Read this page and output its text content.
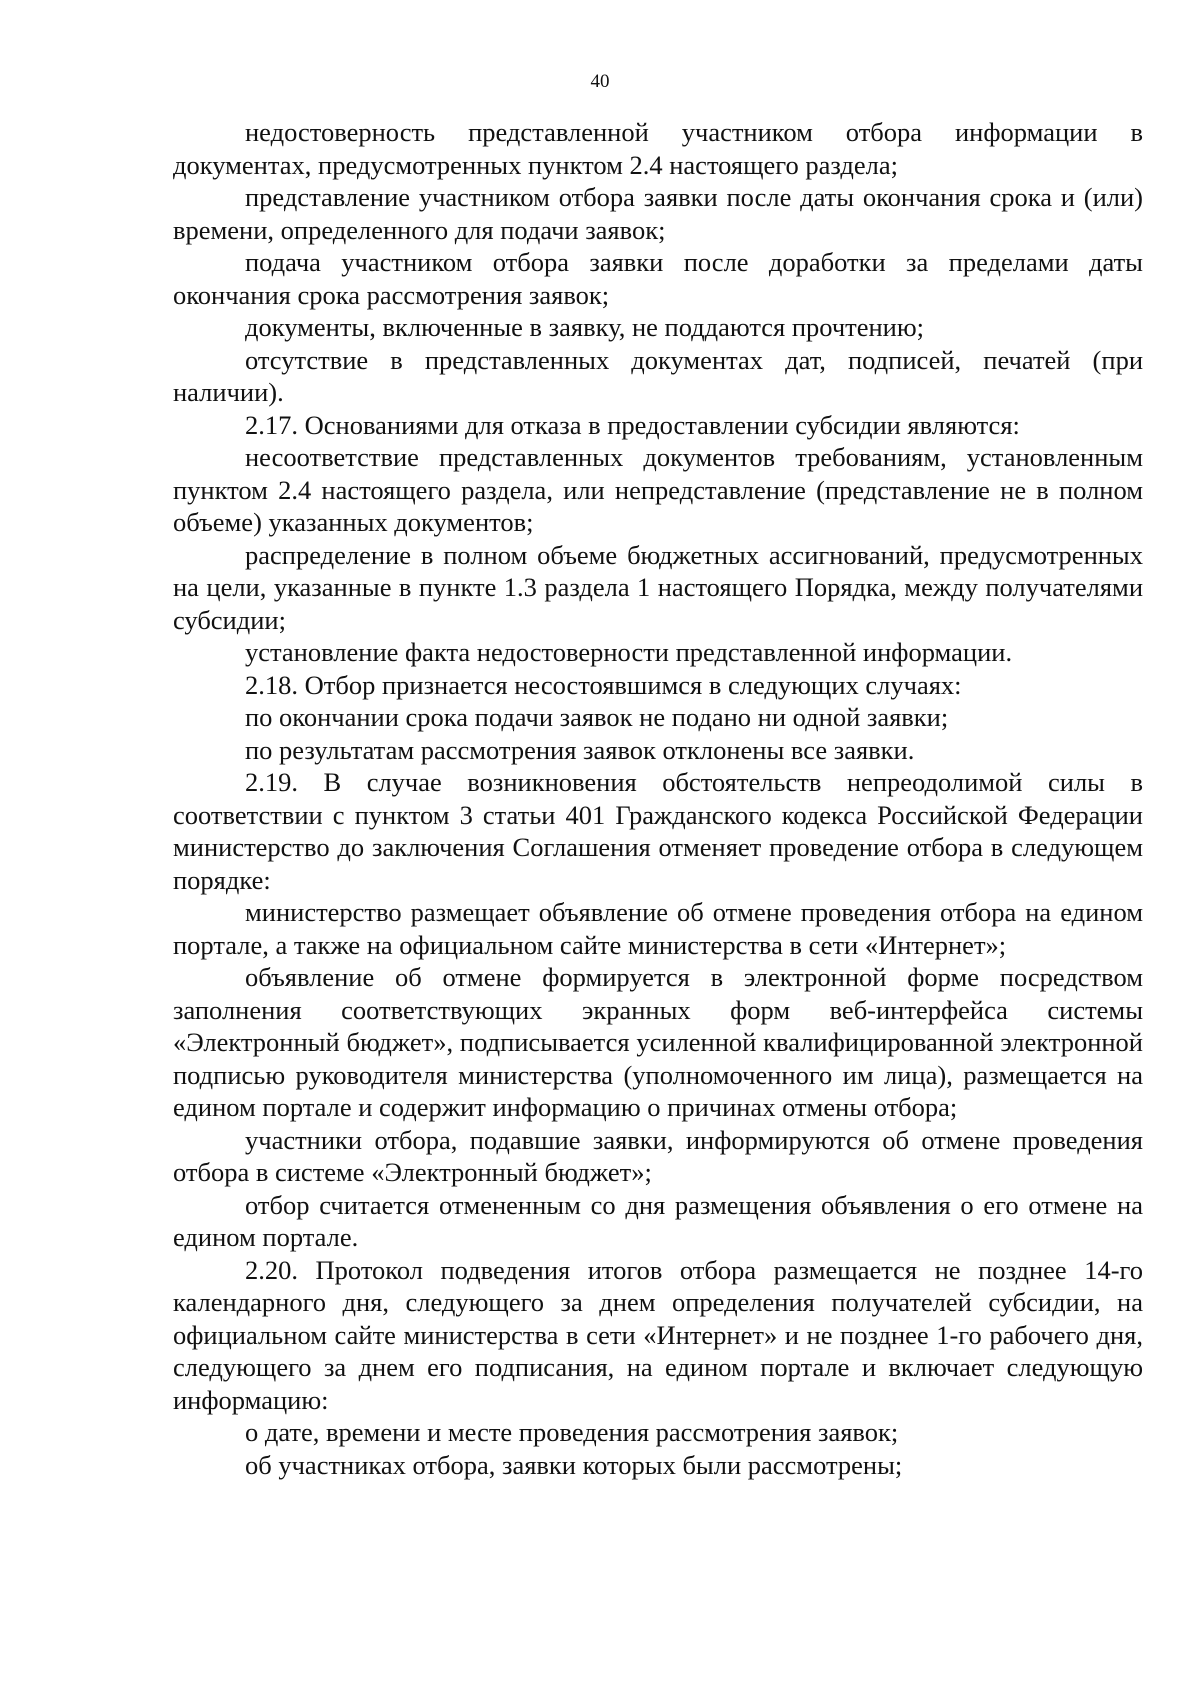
40

недостоверность представленной участником отбора информации в документах, предусмотренных пунктом 2.4 настоящего раздела;

представление участником отбора заявки после даты окончания срока и (или) времени, определенного для подачи заявок;

подача участником отбора заявки после доработки за пределами даты окончания срока рассмотрения заявок;

документы, включенные в заявку, не поддаются прочтению;

отсутствие в представленных документах дат, подписей, печатей (при наличии).

2.17. Основаниями для отказа в предоставлении субсидии являются:

несоответствие представленных документов требованиям, установленным пунктом 2.4 настоящего раздела, или непредставление (представление не в полном объеме) указанных документов;

распределение в полном объеме бюджетных ассигнований, предусмотренных на цели, указанные в пункте 1.3 раздела 1 настоящего Порядка, между получателями субсидии;

установление факта недостоверности представленной информации.

2.18. Отбор признается несостоявшимся в следующих случаях:

по окончании срока подачи заявок не подано ни одной заявки;

по результатам рассмотрения заявок отклонены все заявки.

2.19. В случае возникновения обстоятельств непреодолимой силы в соответствии с пунктом 3 статьи 401 Гражданского кодекса Российской Федерации министерство до заключения Соглашения отменяет проведение отбора в следующем порядке:

министерство размещает объявление об отмене проведения отбора на едином портале, а также на официальном сайте министерства в сети «Интернет»;

объявление об отмене формируется в электронной форме посредством заполнения соответствующих экранных форм веб-интерфейса системы «Электронный бюджет», подписывается усиленной квалифицированной электронной подписью руководителя министерства (уполномоченного им лица), размещается на едином портале и содержит информацию о причинах отмены отбора;

участники отбора, подавшие заявки, информируются об отмене проведения отбора в системе «Электронный бюджет»;

отбор считается отмененным со дня размещения объявления о его отмене на едином портале.

2.20. Протокол подведения итогов отбора размещается не позднее 14-го календарного дня, следующего за днем определения получателей субсидии, на официальном сайте министерства в сети «Интернет» и не позднее 1-го рабочего дня, следующего за днем его подписания, на едином портале и включает следующую информацию:

о дате, времени и месте проведения рассмотрения заявок;

об участниках отбора, заявки которых были рассмотрены;
